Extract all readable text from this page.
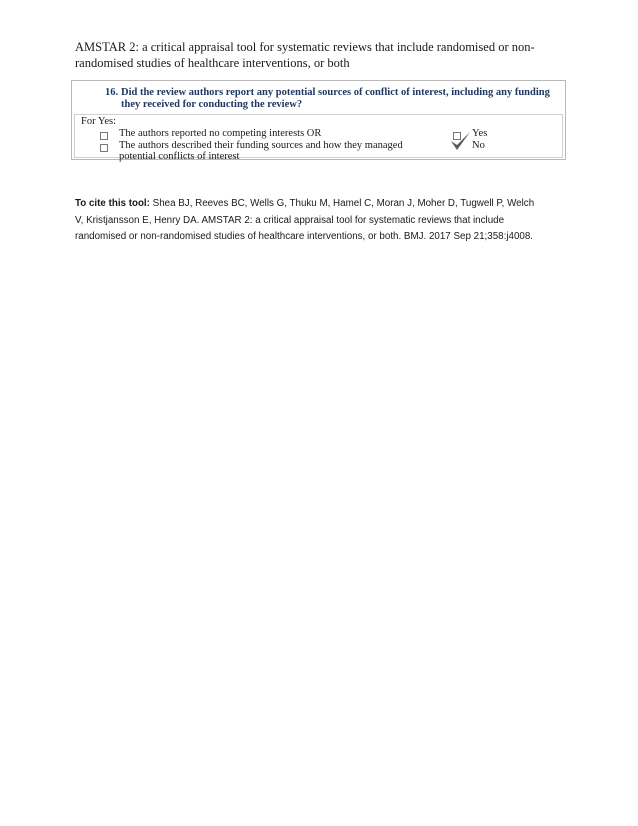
AMSTAR 2: a critical appraisal tool for systematic reviews that include randomised or non-randomised studies of healthcare interventions, or both
16. Did the review authors report any potential sources of conflict of interest, including any funding
they received for conducting the review?
For Yes:
The authors reported no competing interests OR
The authors described their funding sources and how they managed
potential conflicts of interest
Yes
No
To cite this tool: Shea BJ, Reeves BC, Wells G, Thuku M, Hamel C, Moran J, Moher D, Tugwell P, Welch V, Kristjansson E, Henry DA. AMSTAR 2: a critical appraisal tool for systematic reviews that include randomised or non-randomised studies of healthcare interventions, or both. BMJ. 2017 Sep 21;358:j4008.
